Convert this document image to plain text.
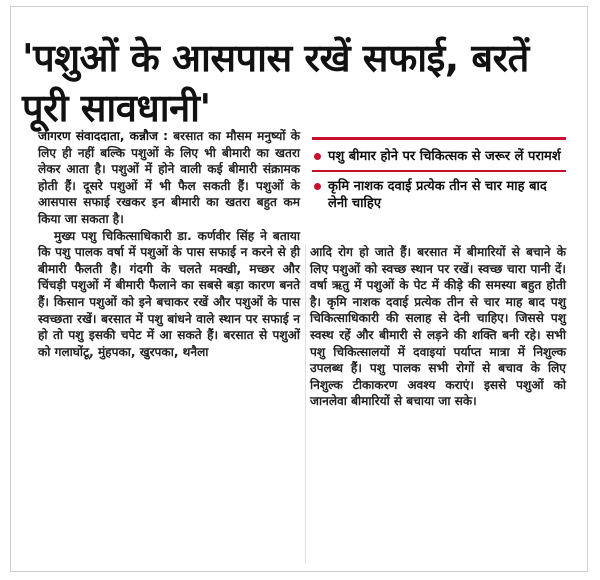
'पशुओं के आसपास रखें सफाई, बरतें पूरी सावधानी'

जागरण संवाददाता, कन्नौज : बरसात का मौसम मनुष्यों के लिए ही नहीं बल्कि पशुओं के लिए भी बीमारी का खतरा लेकर आता है। पशुओं में होने वाली कई बीमारी संक्रामक होती हैं। दूसरे पशुओं में भी फैल सकती हैं। पशुओं के आसपास सफाई रखकर इन बीमारी का खतरा बहुत कम किया जा सकता है।

मुख्य पशु चिकित्साधिकारी डा. कर्णवीर सिंह ने बताया कि पशु पालक वर्षा में पशुओं के पास सफाई न करने से ही बीमारी फैलती है। गंदगी के चलते मक्खी, मच्छर और चिंचड़ी पशुओं में बीमारी फैलाने का सबसे बड़ा कारण बनते हैं। किसान पशुओं को इने बचाकर रखें और पशुओं के पास स्वच्छता रखें। बरसात में पशु बांधने वाले स्थान पर सफाई न हो तो पशु इसकी चपेट में आ सकते हैं। बरसात से पशुओं को गलाघोंटू, मुंहपका, खुरपका, थनैला

पशु बीमार होने पर चिकित्सक से जरूर लें परामर्श
कृमि नाशक दवाई प्रत्येक तीन से चार माह बाद लेनी चाहिए

आदि रोग हो जाते हैं। बरसात में बीमारियों से बचाने के लिए पशुओं को स्वच्छ स्थान पर रखें। स्वच्छ चारा पानी दें। वर्षा ऋतु में पशुओं के पेट में कीड़े की समस्या बहुत होती है। कृमि नाशक दवाई प्रत्येक तीन से चार माह बाद पशु चिकित्साधिकारी की सलाह से देनी चाहिए। जिससे पशु स्वस्थ रहें और बीमारी से लड़ने की शक्ति बनी रहे। सभी पशु चिकित्सालयों में दवाइयां पर्याप्त मात्रा में निशुल्क उपलब्ध हैं। पशु पालक सभी रोगों से बचाव के लिए निशुल्क टीकाकरण अवश्य कराएं। इससे पशुओं को जानलेवा बीमारियों से बचाया जा सके।
